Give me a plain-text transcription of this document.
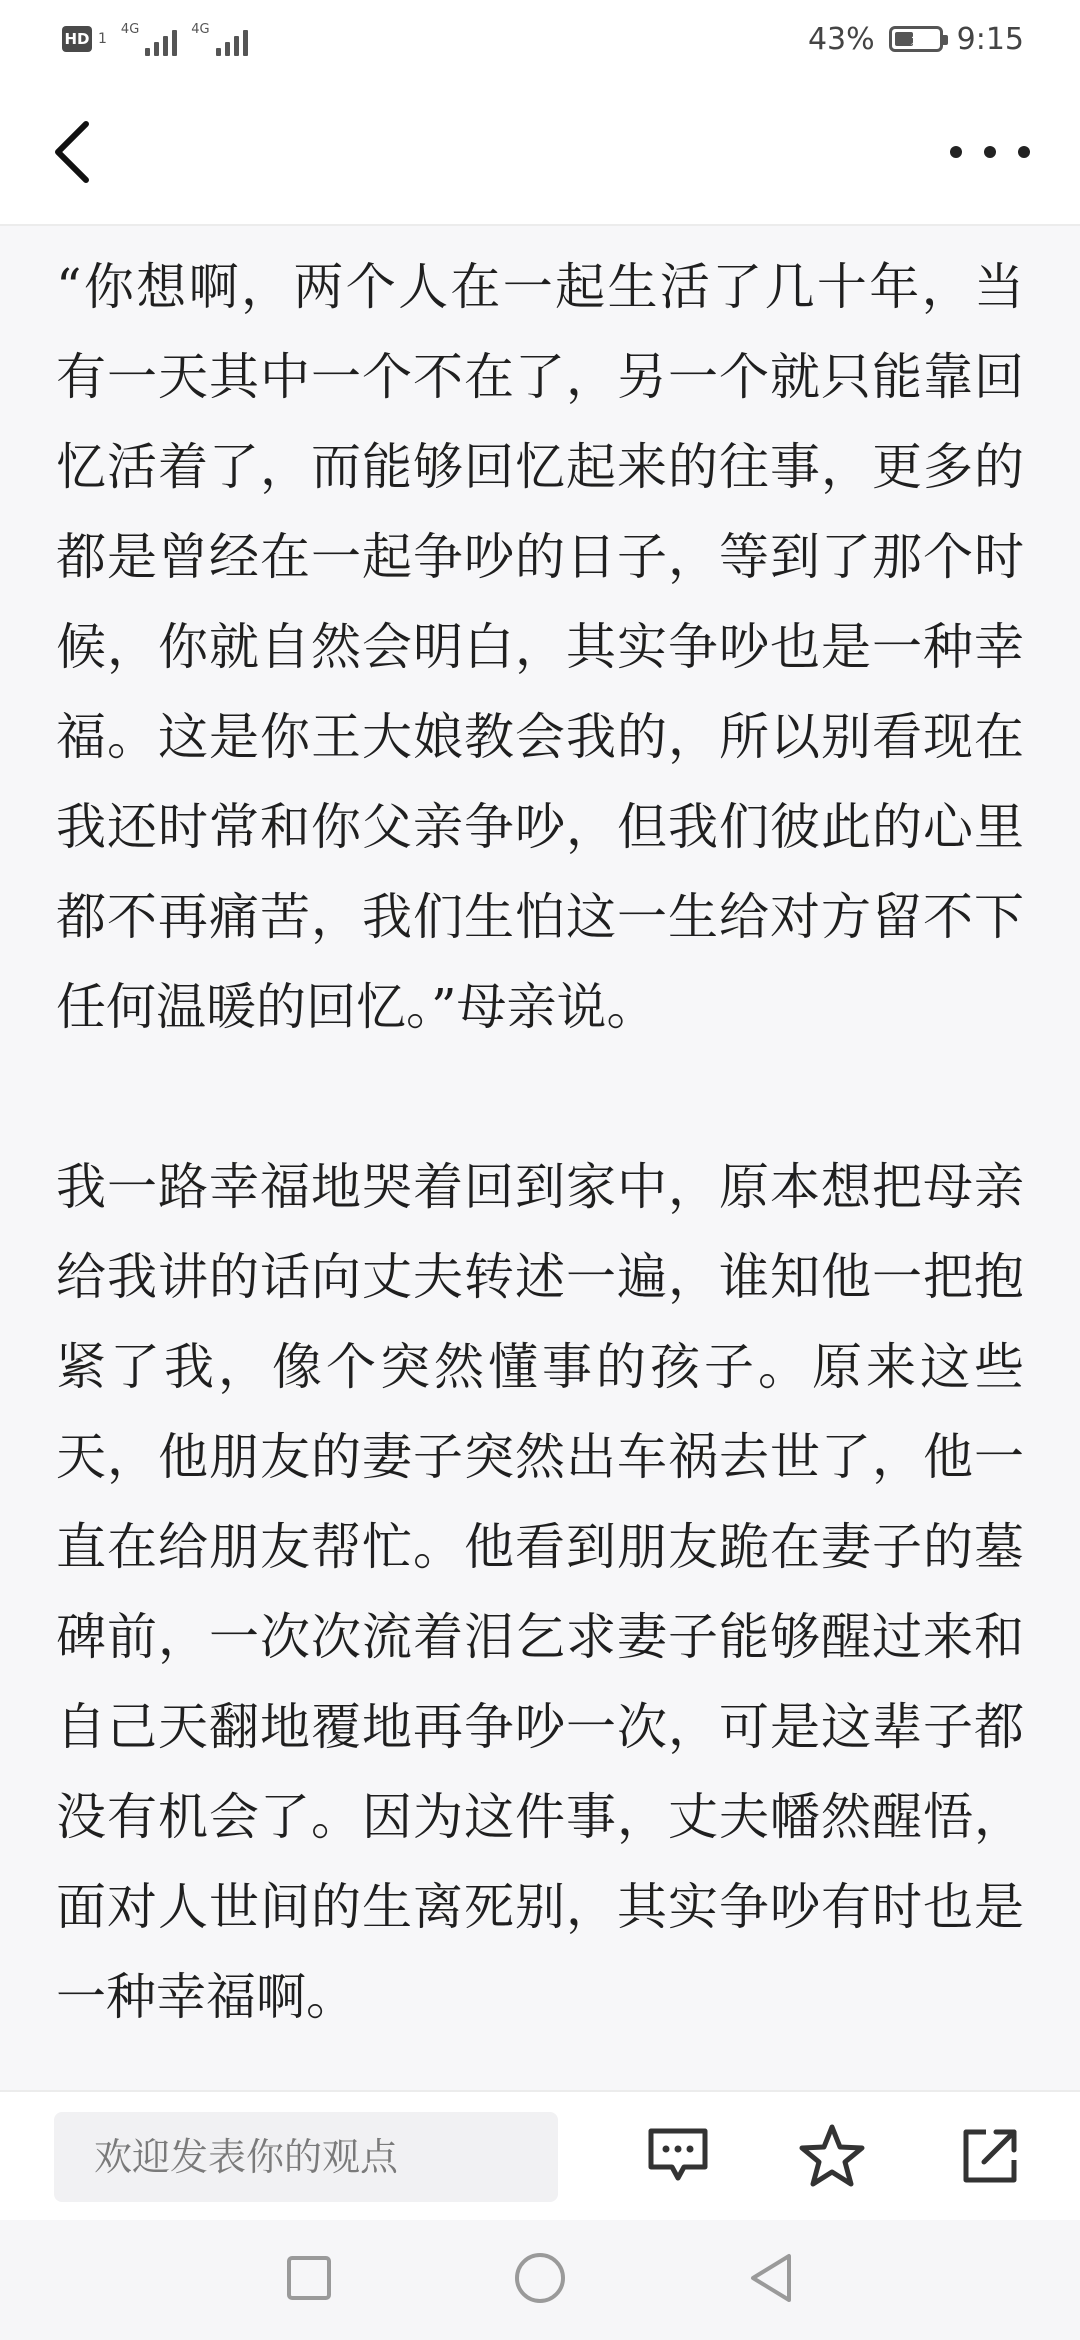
HD 1
4G	4G	43%	⚡	9:15

“你想啊，两个人在一起生活了几十年，当有一天其中一个不在了，另一个就只能靠回忆活着了，而能够回忆起来的往事，更多的都是曾经在一起争吵的日子，等到了那个时候，你就自然会明白，其实争吵也是一种幸福。这是你王大娘教会我的，所以别看现在我还时常和你父亲争吵，但我们彼此的心里都不再痛苦，我们生怕这一生给对方留不下任何温暖的回忆。”母亲说。

我一路幸福地哭着回到家中，原本想把母亲给我讲的话向丈夫转述一遍，谁知他一把抱紧了我，像个突然懂事的孩子。原来这些天，他朋友的妻子突然出车祸去世了，他一直在给朋友帮忙。他看到朋友跪在妻子的墓碑前，一次次流着泪乞求妻子能够醒过来和自己天翻地覆地再争吵一次，可是这辈子都没有机会了。因为这件事，丈夫幡然醒悟，面对人世间的生离死别，其实争吵有时也是一种幸福啊。

欢迎发表你的观点
